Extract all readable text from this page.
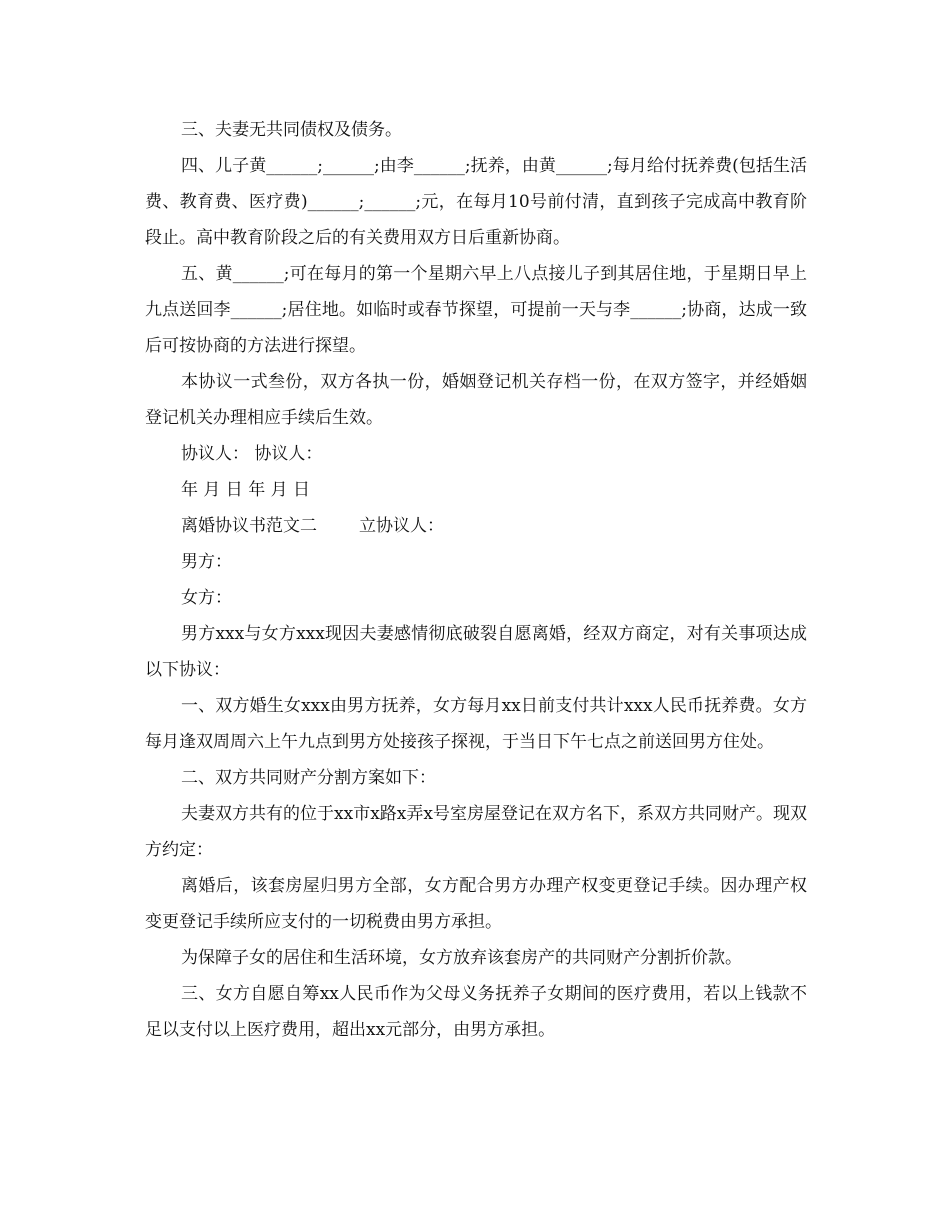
三、夫妻无共同债权及债务。

四、儿子黄______;______;由李______;抚养，由黄______;每月给付抚养费(包括生活费、教育费、医疗费)______;______;元，在每月10号前付清，直到孩子完成高中教育阶段止。高中教育阶段之后的有关费用双方日后重新协商。

五、黄______;可在每月的第一个星期六早上八点接儿子到其居住地，于星期日早上九点送回李______;居住地。如临时或春节探望，可提前一天与李______;协商，达成一致后可按协商的方法进行探望。

本协议一式叁份，双方各执一份，婚姻登记机关存档一份，在双方签字，并经婚姻登记机关办理相应手续后生效。

协议人： 协议人：

年 月 日 年 月 日

离婚协议书范文二 立协议人：

男方：

女方：

男方xxx与女方xxx现因夫妻感情彻底破裂自愿离婚，经双方商定，对有关事项达成以下协议：

一、双方婚生女xxx由男方抚养，女方每月xx日前支付共计xxx人民币抚养费。女方每月逢双周周六上午九点到男方处接孩子探视，于当日下午七点之前送回男方住处。

二、双方共同财产分割方案如下：

夫妻双方共有的位于xx市x路x弄x号室房屋登记在双方名下，系双方共同财产。现双方约定：

离婚后，该套房屋归男方全部，女方配合男方办理产权变更登记手续。因办理产权变更登记手续所应支付的一切税费由男方承担。

为保障子女的居住和生活环境，女方放弃该套房产的共同财产分割折价款。

三、女方自愿自筹xx人民币作为父母义务抚养子女期间的医疗费用，若以上钱款不足以支付以上医疗费用，超出xx元部分，由男方承担。
